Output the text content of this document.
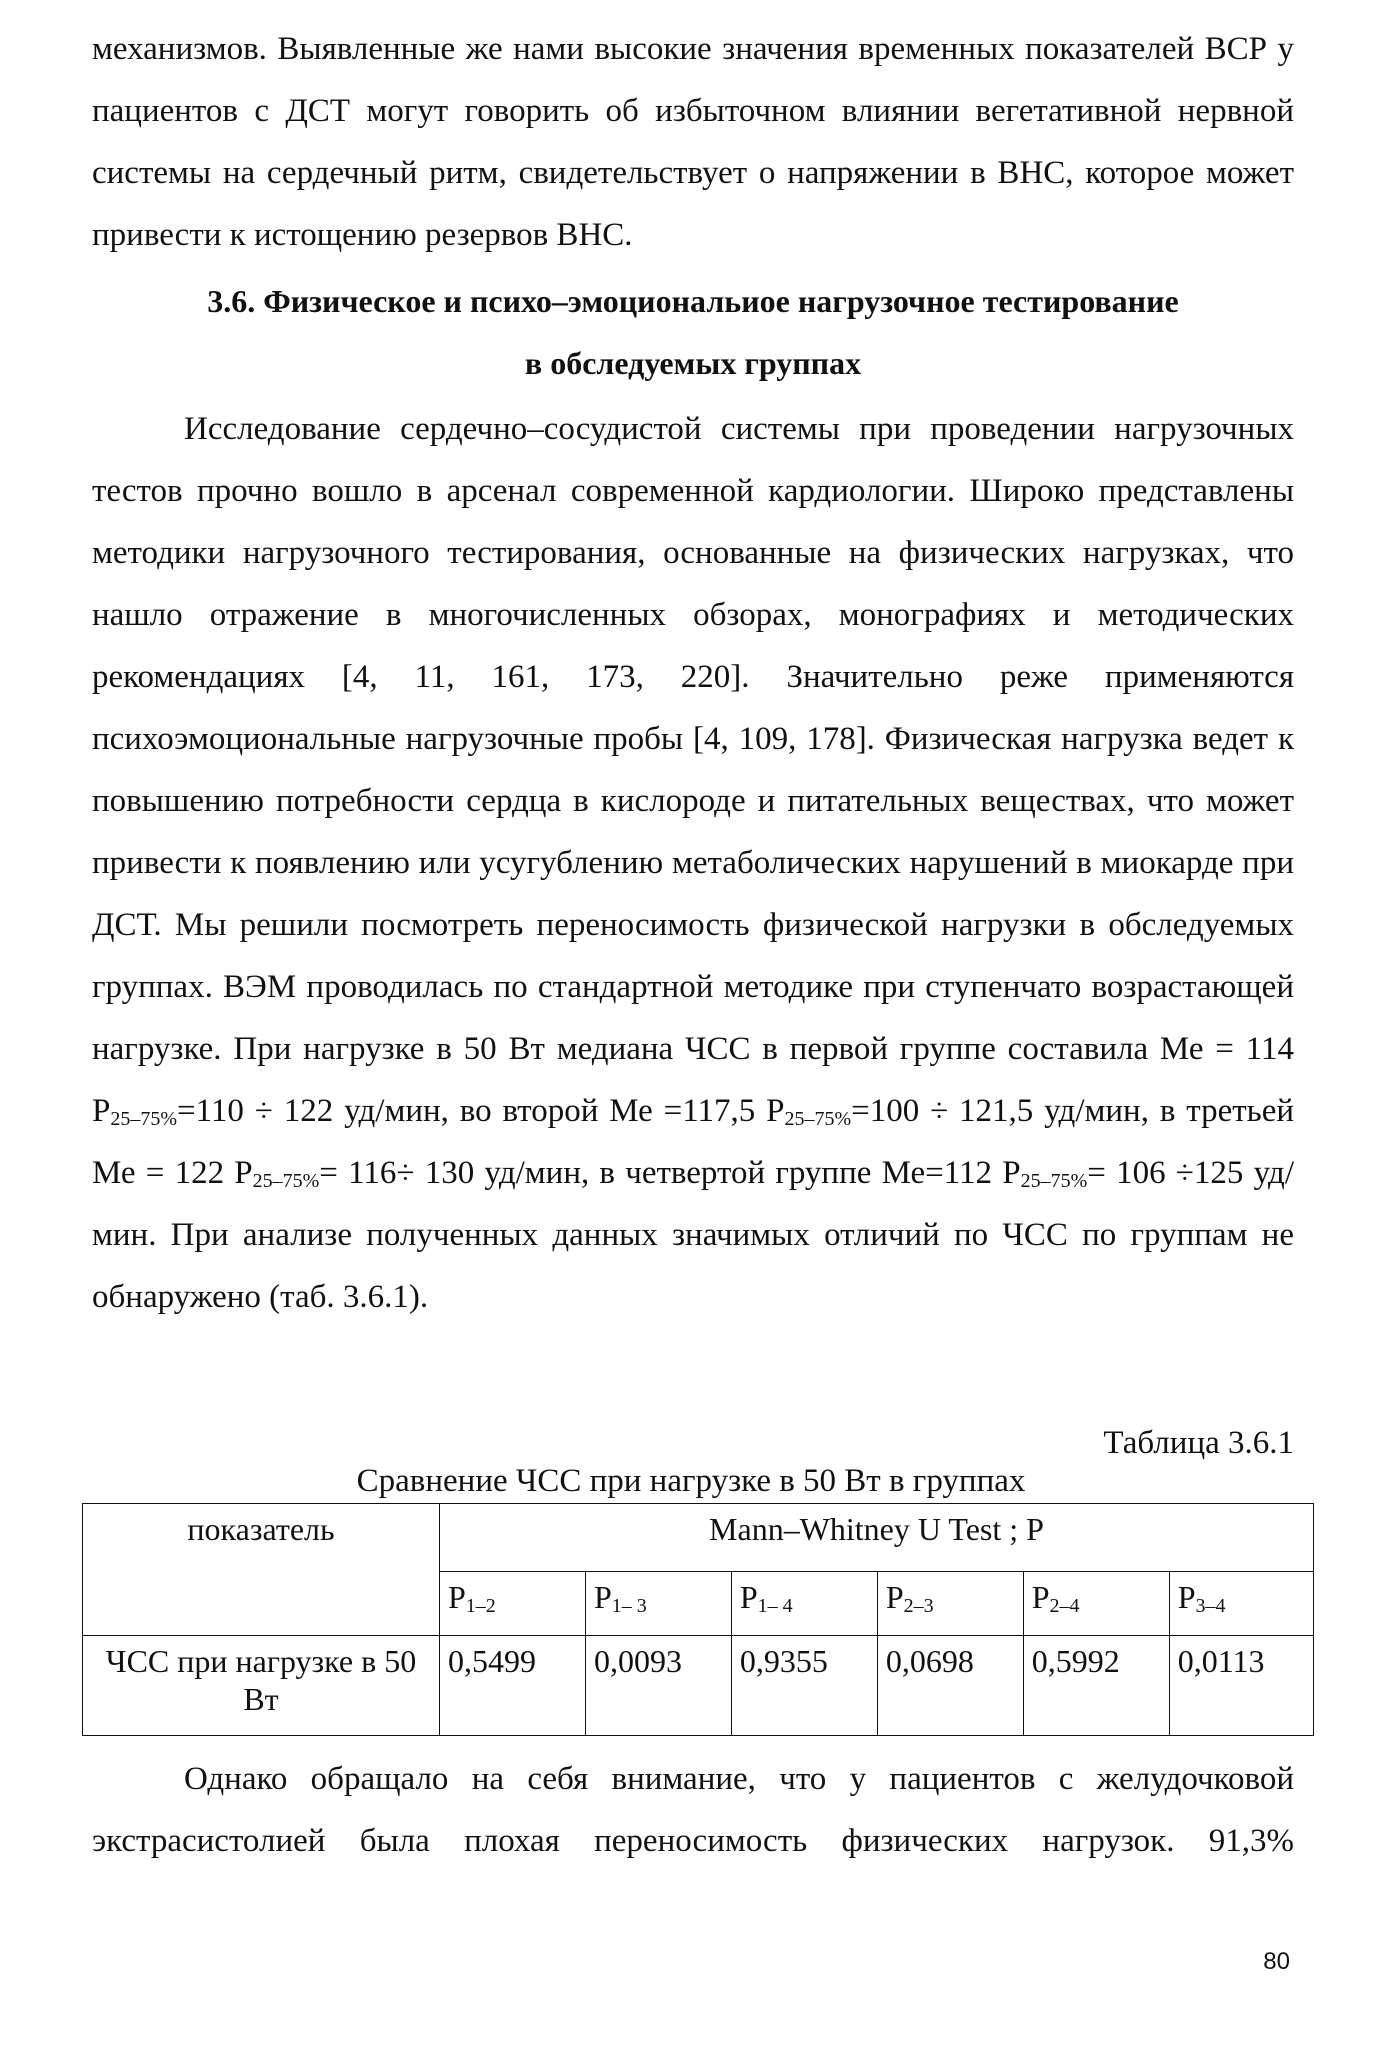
механизмов. Выявленные же нами высокие значения временных показателей ВСР у пациентов с ДСТ могут говорить об избыточном влиянии вегетативной нервной системы на сердечный ритм, свидетельствует о напряжении в ВНС, которое может привести к истощению резервов ВНС.
3.6. Физическое и психо–эмоциональиое нагрузочное тестирование
в обследуемых группах
Исследование сердечно–сосудистой системы при проведении нагрузочных тестов прочно вошло в арсенал современной кардиологии. Широко представлены методики нагрузочного тестирования, основанные на физических нагрузках, что нашло отражение в многочисленных обзорах, монографиях и методических рекомендациях [4, 11, 161, 173, 220]. Значительно реже применяются психоэмоциональные нагрузочные пробы [4, 109, 178]. Физическая нагрузка ведет к повышению потребности сердца в кислороде и питательных веществах, что может привести к появлению или усугублению метаболических нарушений в миокарде при ДСТ. Мы решили посмотреть переносимость физической нагрузки в обследуемых группах. ВЭМ проводилась по стандартной методике при ступенчато возрастающей нагрузке. При нагрузке в 50 Вт медиана ЧСС в первой группе составила Ме = 114 $Р_{25-75\%}=110 \div 122$ уд/мин, во второй Ме =117,5 $Р_{25-75\%}=100 \div 121,5$ уд/мин, в третьей Ме = 122 $Р_{25-75\%}= 116\div 130$ уд/мин, в четвертой группе Ме=112 $Р_{25-75\%}= 106 \div 125$ уд/мин. При анализе полученных данных значимых отличий по ЧСС по группам не обнаружено (таб. 3.6.1).
Таблица 3.6.1
Сравнение ЧСС при нагрузке в 50 Вт в группах
показатель	Mann–Whitney U Test ; P					
	$P_{1-2}$	$P_{1- 3}$	$P_{1- 4}$	$P_{2-3}$	$P_{2-4}$	$P_{3-4}$
ЧСС при нагрузке в 50 Вт	0,5499	0,0093	0,9355	0,0698	0,5992	0,0113
Однако обращало на себя внимание, что у пациентов с желудочковой экстрасистолией была плохая переносимость физических нагрузок. 91,3%
80
